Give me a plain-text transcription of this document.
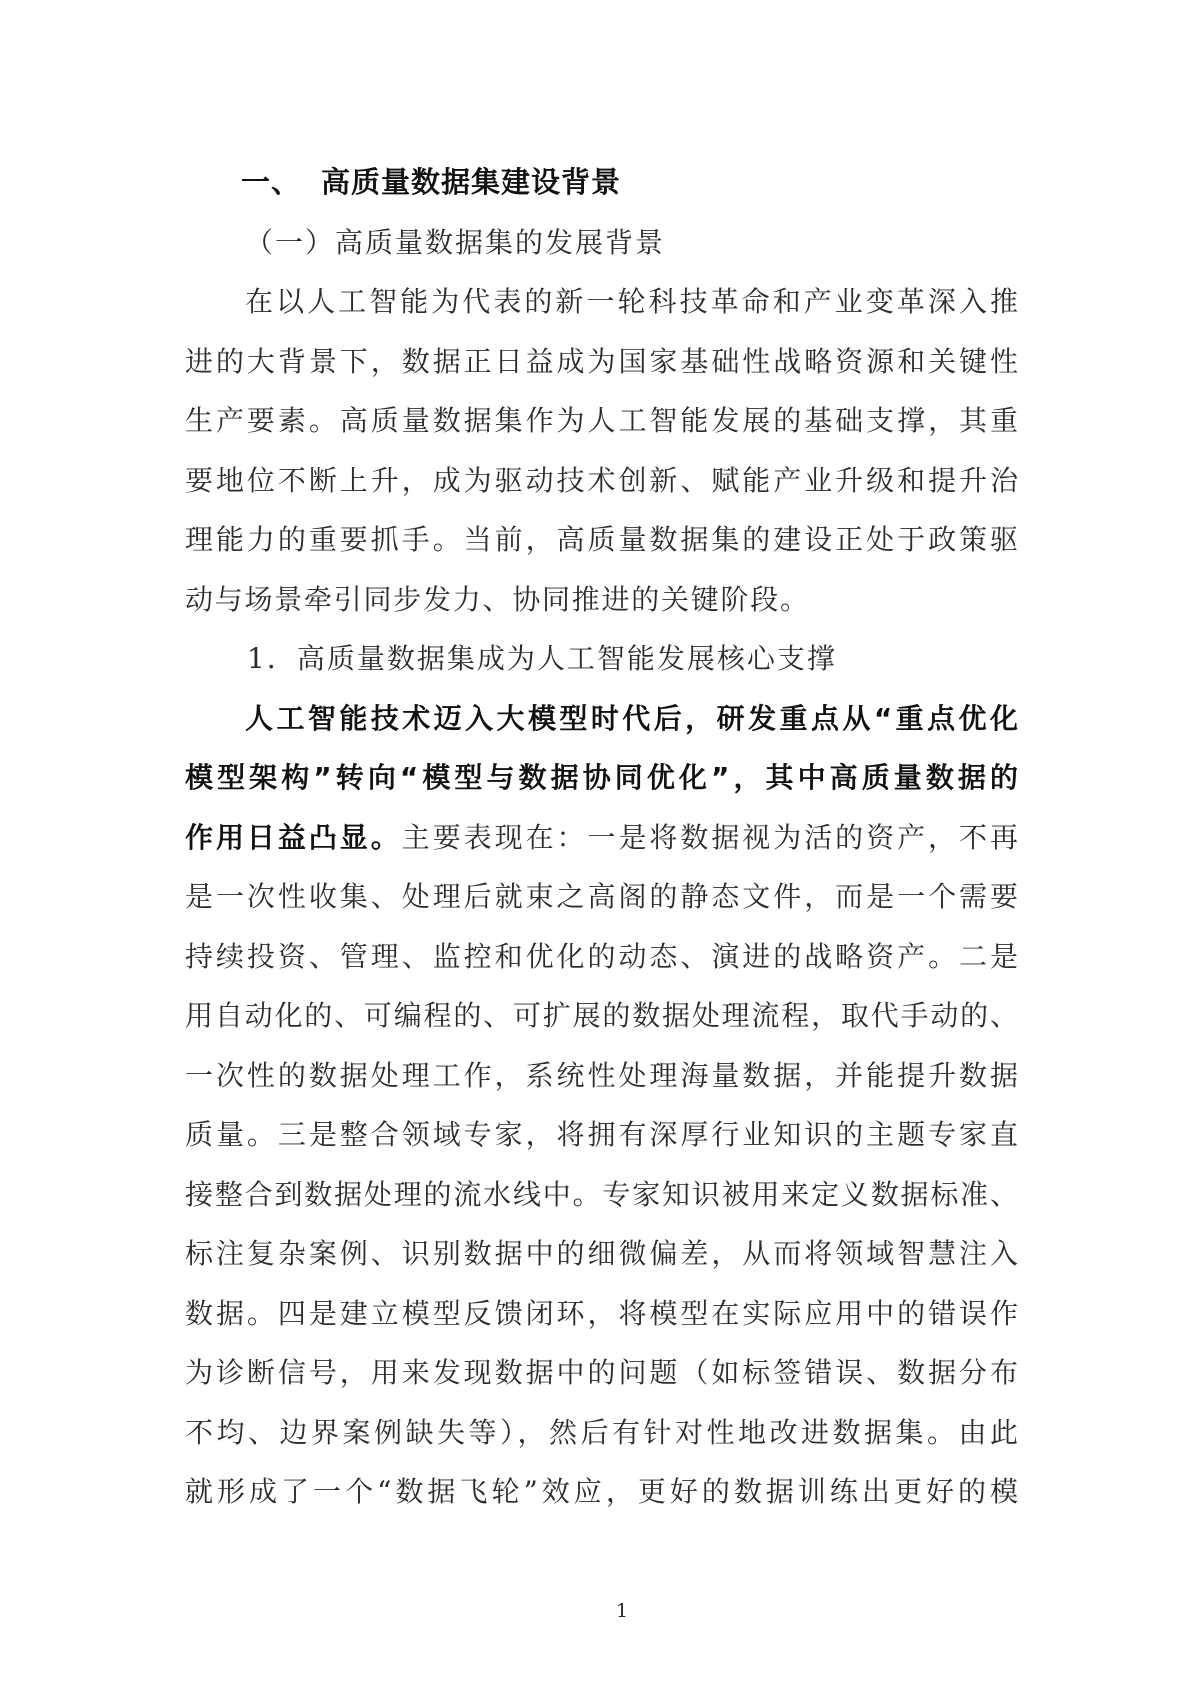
一、 高质量数据集建设背景
（一）高质量数据集的发展背景
在以人工智能为代表的新一轮科技革命和产业变革深入推
进的大背景下，数据正日益成为国家基础性战略资源和关键性
生产要素。高质量数据集作为人工智能发展的基础支撑，其重
要地位不断上升，成为驱动技术创新、赋能产业升级和提升治
理能力的重要抓手。当前，高质量数据集的建设正处于政策驱
动与场景牵引同步发力、协同推进的关键阶段。
1．高质量数据集成为人工智能发展核心支撑
人工智能技术迈入大模型时代后，研发重点从“重点优化
模型架构”转向“模型与数据协同优化”，其中高质量数据的
作用日益凸显。主要表现在：一是将数据视为活的资产，不再
是一次性收集、处理后就束之高阁的静态文件，而是一个需要
持续投资、管理、监控和优化的动态、演进的战略资产。二是
用自动化的、可编程的、可扩展的数据处理流程，取代手动的、
一次性的数据处理工作，系统性处理海量数据，并能提升数据
质量。三是整合领域专家，将拥有深厚行业知识的主题专家直
接整合到数据处理的流水线中。专家知识被用来定义数据标准、
标注复杂案例、识别数据中的细微偏差，从而将领域智慧注入
数据。四是建立模型反馈闭环，将模型在实际应用中的错误作
为诊断信号，用来发现数据中的问题（如标签错误、数据分布
不均、边界案例缺失等），然后有针对性地改进数据集。由此
就形成了一个“数据飞轮”效应，更好的数据训练出更好的模
1
